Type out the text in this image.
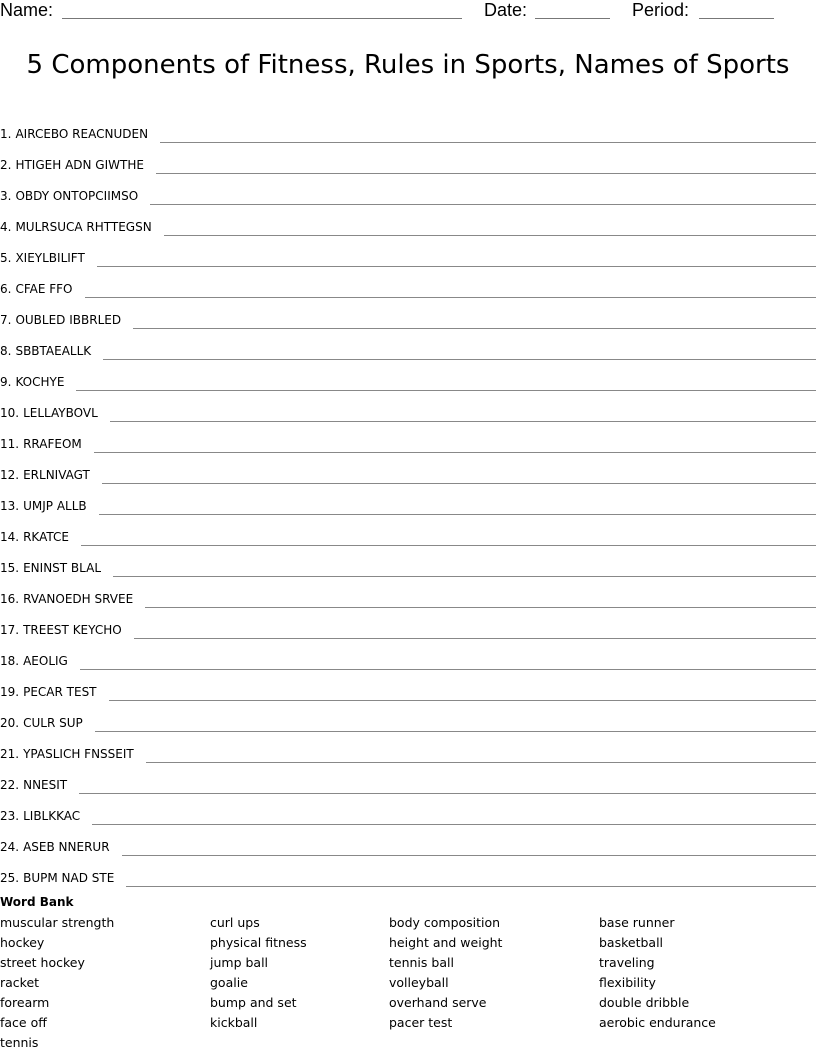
Name:	Date:	Period:
5 Components of Fitness, Rules in Sports, Names of Sports
1. AIRCEBO REACNUDEN
2. HTIGEH ADN GIWTHE
3. OBDY ONTOPCIIMSO
4. MULRSUCA RHTTEGSN
5. XIEYLBILIFT
6. CFAE FFO
7. OUBLED IBBRLED
8. SBBTAEALLK
9. KOCHYE
10. LELLAYBOVL
11. RRAFEOM
12. ERLNIVAGT
13. UMJP ALLB
14. RKATCE
15. ENINST BLAL
16. RVANOEDH SRVEE
17. TREEST KEYCHO
18. AEOLIG
19. PECAR TEST
20. CULR SUP
21. YPASLICH FNSSEIT
22. NNESIT
23. LIBLKKAC
24. ASEB NNERUR
25. BUPM NAD STE
Word Bank
muscular strength
hockey
street hockey
racket
forearm
face off
tennis
curl ups
physical fitness
jump ball
goalie
bump and set
kickball
body composition
height and weight
tennis ball
volleyball
overhand serve
pacer test
base runner
basketball
traveling
flexibility
double dribble
aerobic endurance
